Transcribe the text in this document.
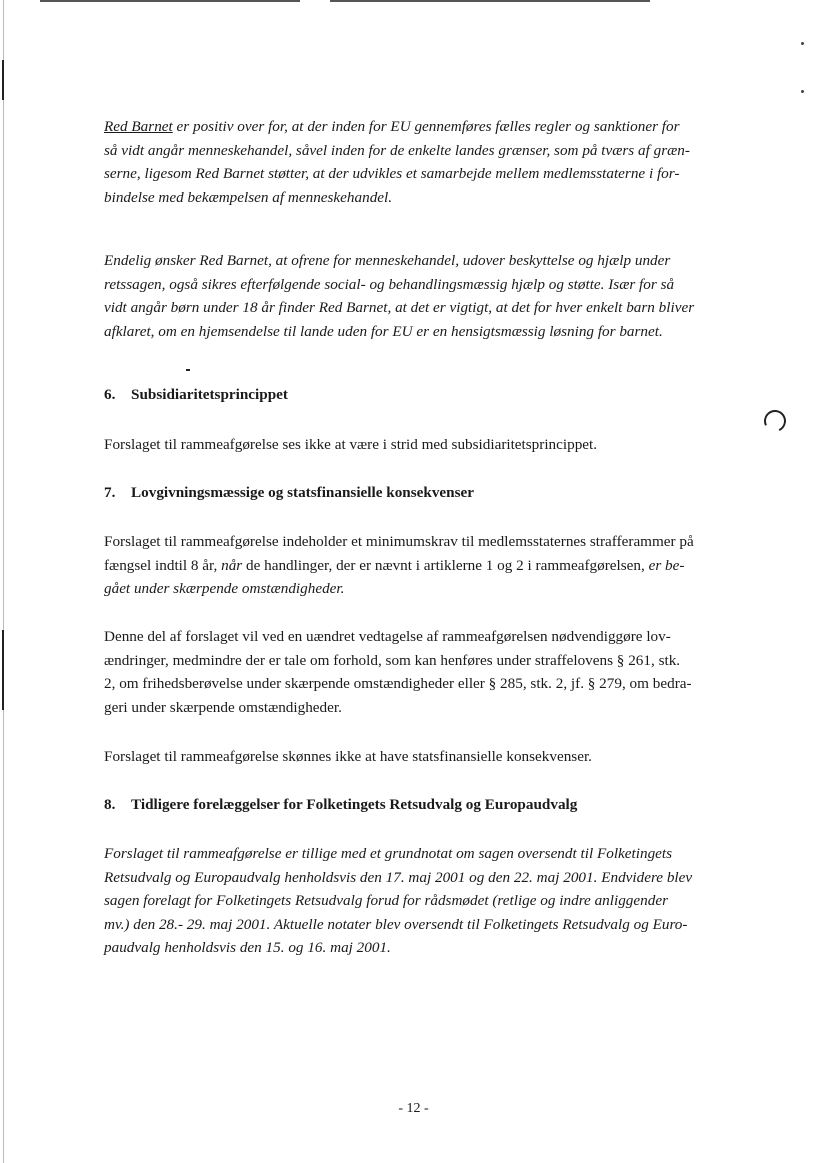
Red Barnet er positiv over for, at der inden for EU gennemføres fælles regler og sanktioner for
så vidt angår menneskehandel, såvel inden for de enkelte landes grænser, som på tværs af græn-
serne, ligesom Red Barnet støtter, at der udvikles et samarbejde mellem medlemsstaterne i for-
bindelse med bekæmpelsen af menneskehandel.

Endelig ønsker Red Barnet, at ofrene for menneskehandel, udover beskyttelse og hjælp under
retssagen, også sikres efterfølgende social- og behandlingsmæssig hjælp og støtte. Især for så
vidt angår børn under 18 år finder Red Barnet, at det er vigtigt, at det for hver enkelt barn bliver
afklaret, om en hjemsendelse til lande uden for EU er en hensigtsmæssig løsning for barnet.

6. Subsidiaritetsprincippet

Forslaget til rammeafgørelse ses ikke at være i strid med subsidiaritetsprincippet.

7. Lovgivningsmæssige og statsfinansielle konsekvenser

Forslaget til rammeafgørelse indeholder et minimumskrav til medlemsstaternes strafferammer på
fængsel indtil 8 år, når de handlinger, der er nævnt i artiklerne 1 og 2 i rammeafgørelsen, er be-
gået under skærpende omstændigheder.

Denne del af forslaget vil ved en uændret vedtagelse af rammeafgørelsen nødvendiggøre lov-
ændringer, medmindre der er tale om forhold, som kan henføres under straffelovens § 261, stk.
2, om frihedsberøvelse under skærpende omstændigheder eller § 285, stk. 2, jf. § 279, om bedra-
geri under skærpende omstændigheder.

Forslaget til rammeafgørelse skønnes ikke at have statsfinansielle konsekvenser.

8. Tidligere forelæggelser for Folketingets Retsudvalg og Europaudvalg

Forslaget til rammeafgørelse er tillige med et grundnotat om sagen oversendt til Folketingets
Retsudvalg og Europaudvalg henholdsvis den 17. maj 2001 og den 22. maj 2001. Endvidere blev
sagen forelagt for Folketingets Retsudvalg forud for rådsmødet (retlige og indre anliggender
mv.) den 28.- 29. maj 2001. Aktuelle notater blev oversendt til Folketingets Retsudvalg og Euro-
paudvalg henholdsvis den 15. og 16. maj 2001.

- 12 -
